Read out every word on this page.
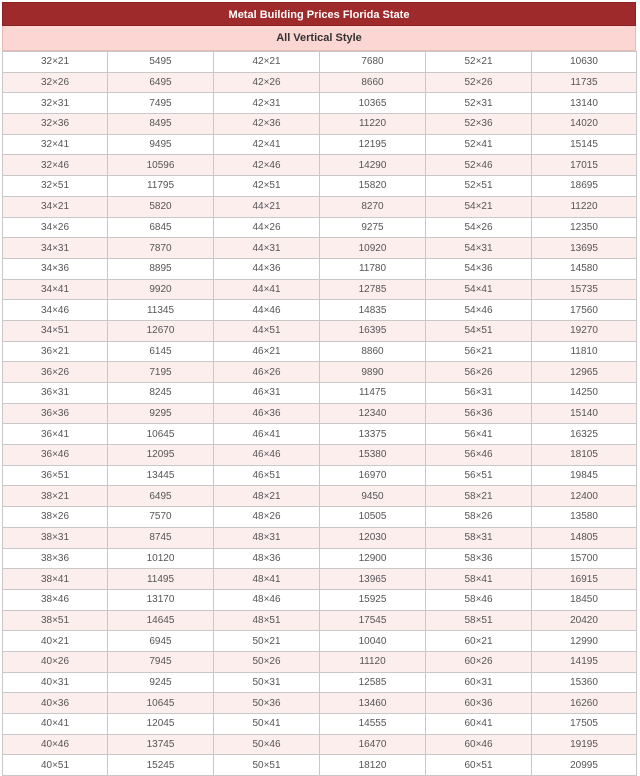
Metal Building Prices Florida State
All Vertical Style
32×21	5495	42×21	7680	52×21	10630
32×26	6495	42×26	8660	52×26	11735
32×31	7495	42×31	10365	52×31	13140
32×36	8495	42×36	11220	52×36	14020
32×41	9495	42×41	12195	52×41	15145
32×46	10596	42×46	14290	52×46	17015
32×51	11795	42×51	15820	52×51	18695
34×21	5820	44×21	8270	54×21	11220
34×26	6845	44×26	9275	54×26	12350
34×31	7870	44×31	10920	54×31	13695
34×36	8895	44×36	11780	54×36	14580
34×41	9920	44×41	12785	54×41	15735
34×46	11345	44×46	14835	54×46	17560
34×51	12670	44×51	16395	54×51	19270
36×21	6145	46×21	8860	56×21	11810
36×26	7195	46×26	9890	56×26	12965
36×31	8245	46×31	11475	56×31	14250
36×36	9295	46×36	12340	56×36	15140
36×41	10645	46×41	13375	56×41	16325
36×46	12095	46×46	15380	56×46	18105
36×51	13445	46×51	16970	56×51	19845
38×21	6495	48×21	9450	58×21	12400
38×26	7570	48×26	10505	58×26	13580
38×31	8745	48×31	12030	58×31	14805
38×36	10120	48×36	12900	58×36	15700
38×41	11495	48×41	13965	58×41	16915
38×46	13170	48×46	15925	58×46	18450
38×51	14645	48×51	17545	58×51	20420
40×21	6945	50×21	10040	60×21	12990
40×26	7945	50×26	11120	60×26	14195
40×31	9245	50×31	12585	60×31	15360
40×36	10645	50×36	13460	60×36	16260
40×41	12045	50×41	14555	60×41	17505
40×46	13745	50×46	16470	60×46	19195
40×51	15245	50×51	18120	60×51	20995
